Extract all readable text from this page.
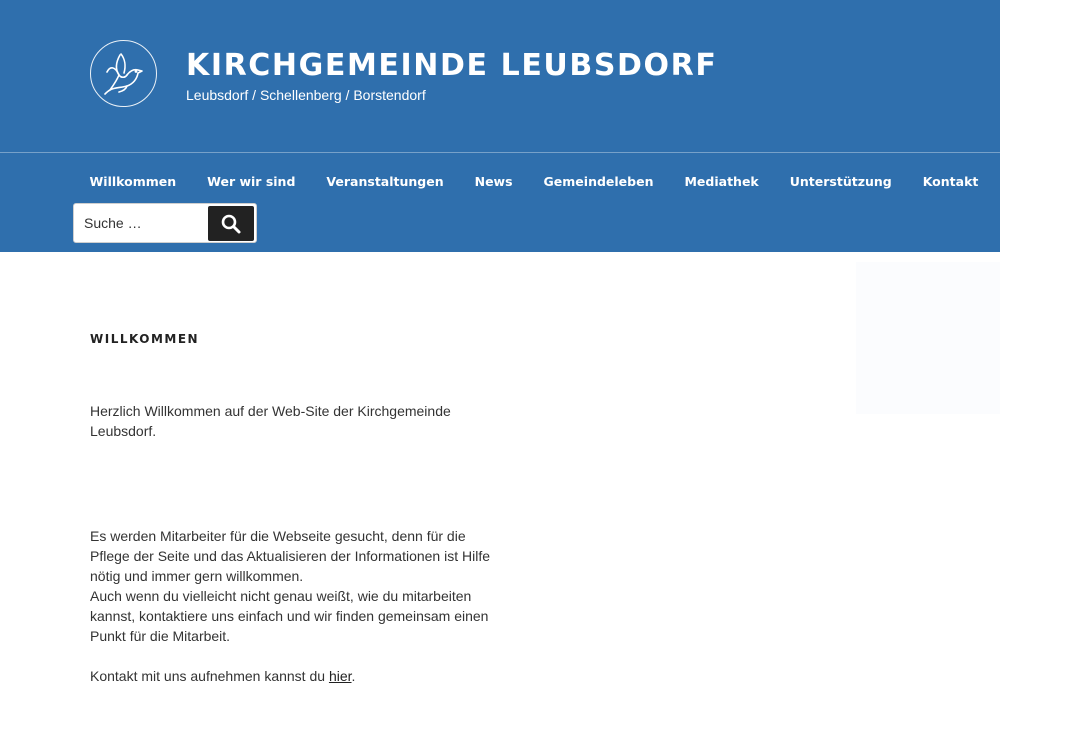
KIRCHGEMEINDE LEUBSDORF
Leubsdorf / Schellenberg / Borstendorf
Willkommen	Wer wir sind	Veranstaltungen	News	Gemeindeleben	Mediathek	Unterstützung	Kontakt	Intern
Suche …
WILLKOMMEN

Herzlich Willkommen auf der Web-Site der Kirchgemeinde Leubsdorf.

Es werden Mitarbeiter für die Webseite gesucht, denn für die Pflege der Seite und das Aktualisieren der Informationen ist Hilfe nötig und immer gern willkommen.
Auch wenn du vielleicht nicht genau weißt, wie du mitarbeiten kannst, kontaktiere uns einfach und wir finden gemeinsam einen Punkt für die Mitarbeit.

Kontakt mit uns aufnehmen kannst du hier.
